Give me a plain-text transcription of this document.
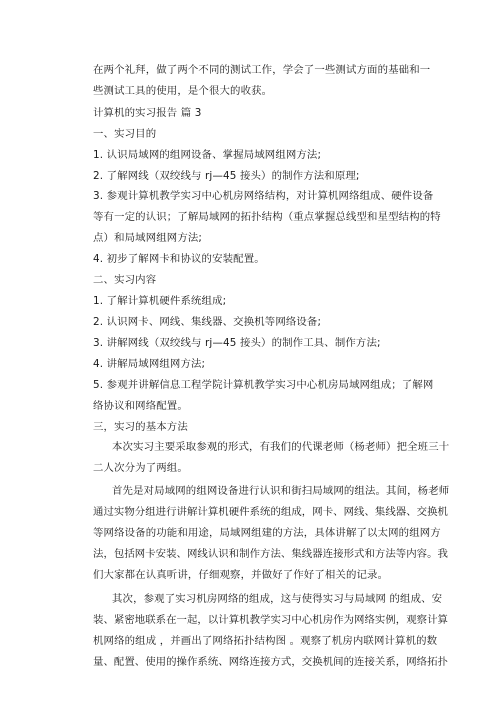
在两个礼拜，做了两个不同的测试工作，学会了一些测试方面的基础和一
些测试工具的使用，是个很大的收获。
计算机的实习报告 篇 3
一、实习目的
1. 认识局域网的组网设备、掌握局域网组网方法;
2. 了解网线（双绞线与 rj—45 接头）的制作方法和原理;
3. 参观计算机教学实习中心机房网络结构，对计算机网络组成、硬件设备
等有一定的认识；了解局域网的拓扑结构（重点掌握总线型和星型结构的特
点）和局域网组网方法;
4. 初步了解网卡和协议的安装配置。
二、实习内容
1. 了解计算机硬件系统组成;
2. 认识网卡、网线、集线器、交换机等网络设备;
3. 讲解网线（双绞线与 rj—45 接头）的制作工具、制作方法;
4. 讲解局域网组网方法;
5. 参观并讲解信息工程学院计算机教学实习中心机房局域网组成；了解网
络协议和网络配置。
三，实习的基本方法
本次实习主要采取参观的形式，有我们的代课老师（杨老师）把全班三十
二人次分为了两组。
首先是对局域网的组网设备进行认识和街扫局域网的组法。其间，杨老师
通过实物分组进行讲解计算机硬件系统的组成，网卡、网线、集线器、交换机
等网络设备的功能和用途，局域网组建的方法，具体讲解了以太网的组网方
法，包括网卡安装、网线认识和制作方法、集线器连接形式和方法等内容。我
们大家都在认真听讲，仔细观察，并做好了作好了相关的记录。
其次，参观了实习机房网络的组成，这与使得实习与局域网 的组成、安
装、紧密地联系在一起，以计算机教学实习中心机房作为网络实例，观察计算
机网络的组成 ，并画出了网络拓扑结构图 。观察了机房内联网计算机的数
量、配置、使用的操作系统、网络连接方式，交换机间的连接关系，网络拓扑
